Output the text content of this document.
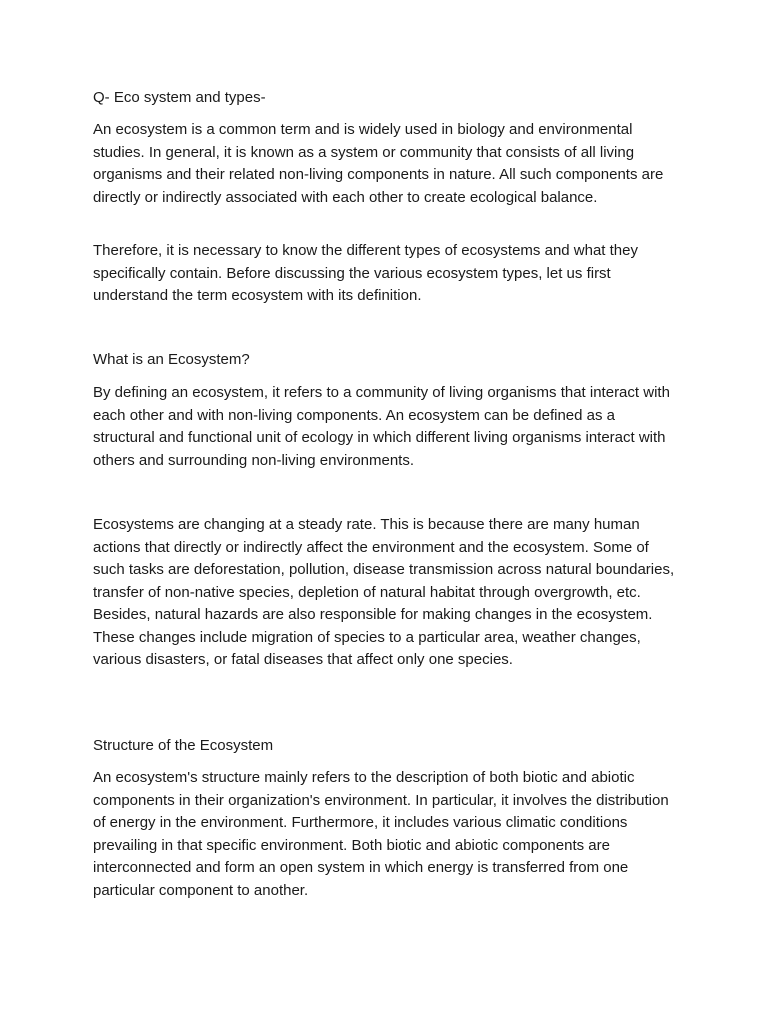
Q- Eco system and types-

An ecosystem is a common term and is widely used in biology and environmental studies. In general, it is known as a system or community that consists of all living organisms and their related non-living components in nature. All such components are directly or indirectly associated with each other to create ecological balance.

Therefore, it is necessary to know the different types of ecosystems and what they specifically contain. Before discussing the various ecosystem types, let us first understand the term ecosystem with its definition.

What is an Ecosystem?

By defining an ecosystem, it refers to a community of living organisms that interact with each other and with non-living components. An ecosystem can be defined as a structural and functional unit of ecology in which different living organisms interact with others and surrounding non-living environments.

Ecosystems are changing at a steady rate. This is because there are many human actions that directly or indirectly affect the environment and the ecosystem. Some of such tasks are deforestation, pollution, disease transmission across natural boundaries, transfer of non-native species, depletion of natural habitat through overgrowth, etc. Besides, natural hazards are also responsible for making changes in the ecosystem. These changes include migration of species to a particular area, weather changes, various disasters, or fatal diseases that affect only one species.

Structure of the Ecosystem

An ecosystem's structure mainly refers to the description of both biotic and abiotic components in their organization's environment. In particular, it involves the distribution of energy in the environment. Furthermore, it includes various climatic conditions prevailing in that specific environment. Both biotic and abiotic components are interconnected and form an open system in which energy is transferred from one particular component to another.
